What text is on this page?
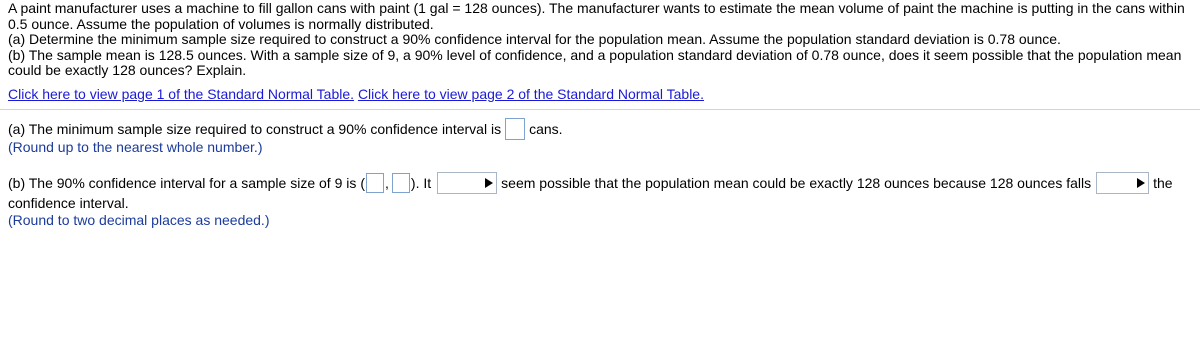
A paint manufacturer uses a machine to fill gallon cans with paint (1 gal = 128 ounces). The manufacturer wants to estimate the mean volume of paint the machine is putting in the cans within 0.5 ounce. Assume the population of volumes is normally distributed.

(a) Determine the minimum sample size required to construct a 90% confidence interval for the population mean. Assume the population standard deviation is 0.78 ounce.

(b) The sample mean is 128.5 ounces. With a sample size of 9, a 90% level of confidence, and a population standard deviation of 0.78 ounce, does it seem possible that the population mean could be exactly 128 ounces? Explain.

Click here to view page 1 of the Standard Normal Table. Click here to view page 2 of the Standard Normal Table.
(a) The minimum sample size required to construct a 90% confidence interval is cans.
(Round up to the nearest whole number.)
(b) The 90% confidence interval for a sample size of 9 is ( , ). It	seem possible that the population mean could be exactly 128 ounces because 128 ounces falls	the
confidence interval.
(Round to two decimal places as needed.)
